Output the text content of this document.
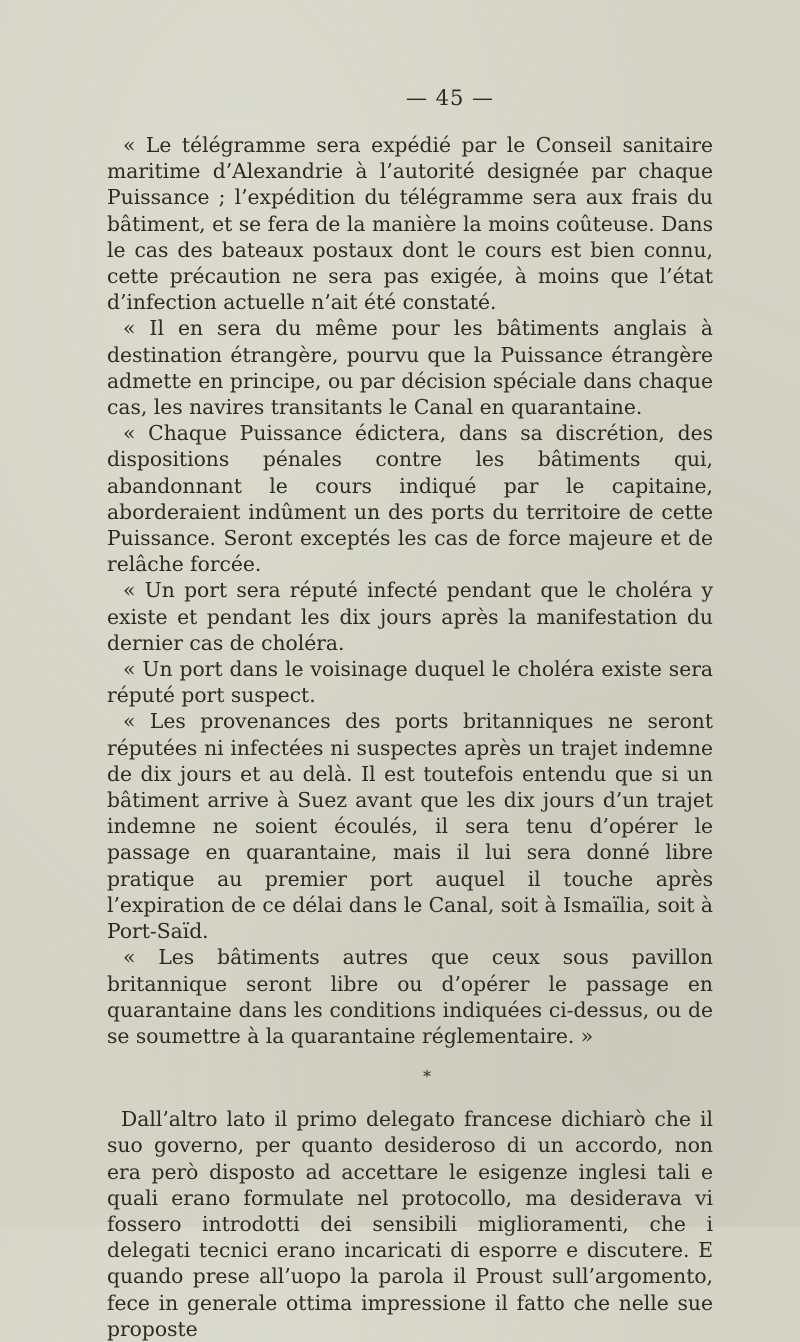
— 45 —

« Le télégramme sera expédié par le Conseil sanitaire maritime d’Alexandrie à l’autorité designée par chaque Puissance ; l’expédition du télégramme sera aux frais du bâtiment, et se fera de la manière la moins coûteuse. Dans le cas des bateaux postaux dont le cours est bien connu, cette précaution ne sera pas exigée, à moins que l’état d’infection actuelle n’ait été constaté.

« Il en sera du même pour les bâtiments anglais à destination étrangère, pourvu que la Puissance étrangère admette en principe, ou par décision spéciale dans chaque cas, les navires transitants le Canal en quarantaine.

« Chaque Puissance édictera, dans sa discrétion, des dispositions pénales contre les bâtiments qui, abandonnant le cours indiqué par le capitaine, aborderaient indûment un des ports du territoire de cette Puissance. Seront exceptés les cas de force majeure et de relâche forcée.

« Un port sera réputé infecté pendant que le choléra y existe et pendant les dix jours après la manifestation du dernier cas de choléra.

« Un port dans le voisinage duquel le choléra existe sera réputé port suspect.

« Les provenances des ports britanniques ne seront réputées ni infectées ni suspectes après un trajet indemne de dix jours et au delà. Il est toutefois entendu que si un bâtiment arrive à Suez avant que les dix jours d’un trajet indemne ne soient écoulés, il sera tenu d’opérer le passage en quarantaine, mais il lui sera donné libre pratique au premier port auquel il touche après l’expiration de ce délai dans le Canal, soit à Ismaïlia, soit à Port-Saïd.

« Les bâtiments autres que ceux sous pavillon britannique seront libre ou d’opérer le passage en quarantaine dans les conditions indiquées ci-dessus, ou de se soumettre à la quarantaine réglementaire. »

*

Dall’altro lato il primo delegato francese dichiarò che il suo governo, per quanto desideroso di un accordo, non era però disposto ad accettare le esigenze inglesi tali e quali erano formulate nel protocollo, ma desiderava vi fossero introdotti dei sensibili miglioramenti, che i delegati tecnici erano incaricati di esporre e discutere. E quando prese all’uopo la parola il Proust sull’argomento, fece in generale ottima impressione il fatto che nelle sue proposte
